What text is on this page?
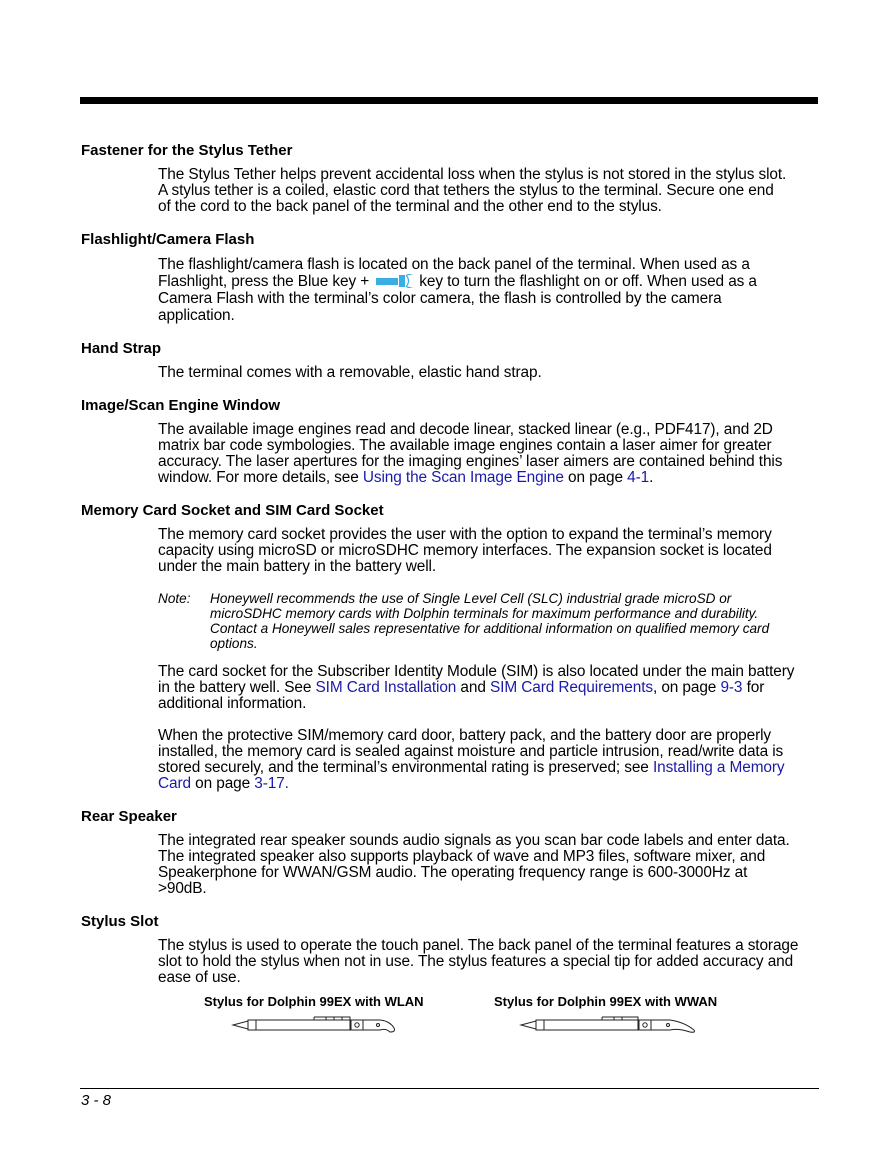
Fastener for the Stylus Tether
The Stylus Tether helps prevent accidental loss when the stylus is not stored in the stylus slot.
A stylus tether is a coiled, elastic cord that tethers the stylus to the terminal. Secure one end
of the cord to the back panel of the terminal and the other end to the stylus.
Flashlight/Camera Flash
The flashlight/camera flash is located on the back panel of the terminal. When used as a
Flashlight, press the Blue key +	key to turn the flashlight on or off. When used as a
Camera Flash with the terminal’s color camera, the flash is controlled by the camera
application.
Hand Strap
The terminal comes with a removable, elastic hand strap.
Image/Scan Engine Window
The available image engines read and decode linear, stacked linear (e.g., PDF417), and 2D
matrix bar code symbologies. The available image engines contain a laser aimer for greater
accuracy. The laser apertures for the imaging engines’ laser aimers are contained behind this
window. For more details, see Using the Scan Image Engine on page 4-1.
Memory Card Socket and SIM Card Socket
The memory card socket provides the user with the option to expand the terminal’s memory
capacity using microSD or microSDHC memory interfaces. The expansion socket is located
under the main battery in the battery well.
Note: Honeywell recommends the use of Single Level Cell (SLC) industrial grade microSD or
microSDHC memory cards with Dolphin terminals for maximum performance and durability.
Contact a Honeywell sales representative for additional information on qualified memory card
options.
The card socket for the Subscriber Identity Module (SIM) is also located under the main battery
in the battery well. See SIM Card Installation and SIM Card Requirements, on page 9-3 for
additional information.
When the protective SIM/memory card door, battery pack, and the battery door are properly
installed, the memory card is sealed against moisture and particle intrusion, read/write data is
stored securely, and the terminal’s environmental rating is preserved; see Installing a Memory
Card on page 3-17.
Rear Speaker
The integrated rear speaker sounds audio signals as you scan bar code labels and enter data.
The integrated speaker also supports playback of wave and MP3 files, software mixer, and
Speakerphone for WWAN/GSM audio. The operating frequency range is 600-3000Hz at
>90dB.
Stylus Slot
The stylus is used to operate the touch panel. The back panel of the terminal features a storage
slot to hold the stylus when not in use. The stylus features a special tip for added accuracy and
ease of use.
Stylus for Dolphin 99EX with WLAN	Stylus for Dolphin 99EX with WWAN
3 - 8
